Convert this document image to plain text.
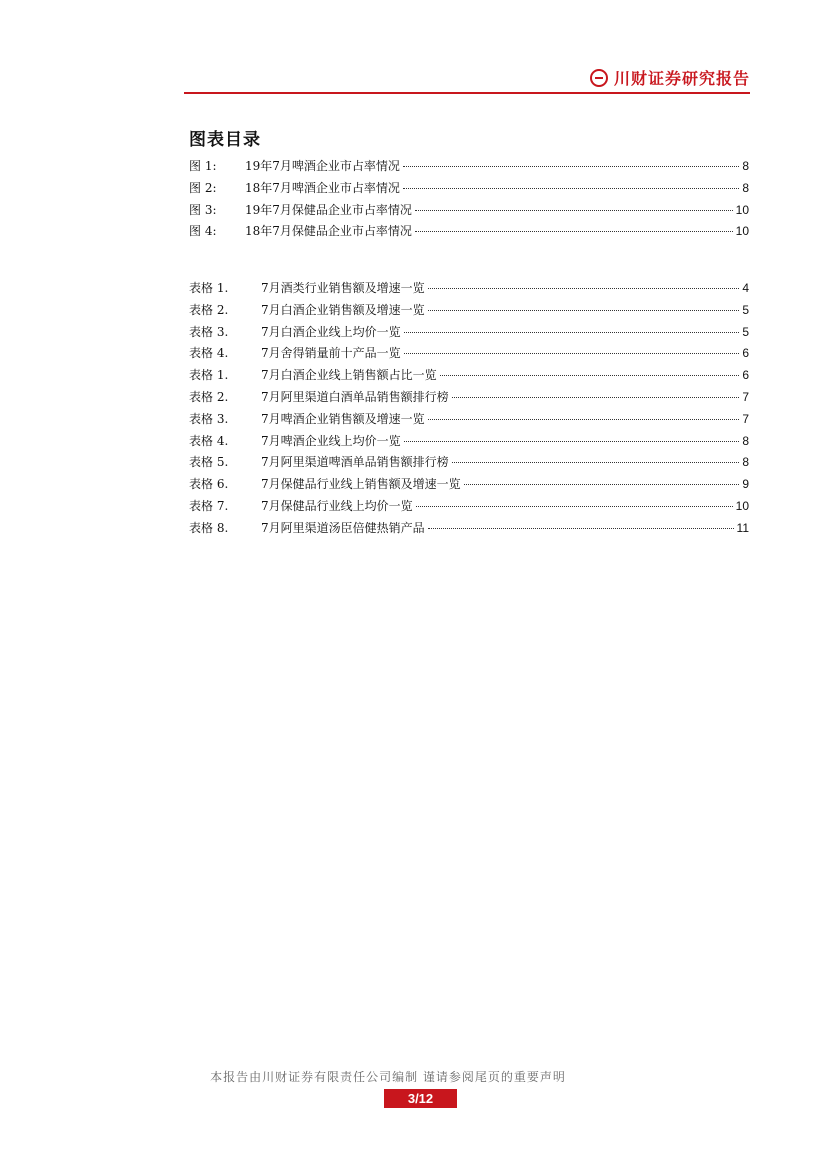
川财证券研究报告
图表目录
图 1:	19年7月啤酒企业市占率情况	8
图 2:	18年7月啤酒企业市占率情况	8
图 3:	19年7月保健品企业市占率情况	10
图 4:	18年7月保健品企业市占率情况	10
表格 1.	7月酒类行业销售额及增速一览	4
表格 2.	7月白酒企业销售额及增速一览	5
表格 3.	7月白酒企业线上均价一览	5
表格 4.	7月舍得销量前十产品一览	6
表格 1.	7月白酒企业线上销售额占比一览	6
表格 2.	7月阿里渠道白酒单品销售额排行榜	7
表格 3.	7月啤酒企业销售额及增速一览	7
表格 4.	7月啤酒企业线上均价一览	8
表格 5.	7月阿里渠道啤酒单品销售额排行榜	8
表格 6.	7月保健品行业线上销售额及增速一览	9
表格 7.	7月保健品行业线上均价一览	10
表格 8.	7月阿里渠道汤臣倍健热销产品	11
本报告由川财证券有限责任公司编制 谨请参阅尾页的重要声明
3/12
